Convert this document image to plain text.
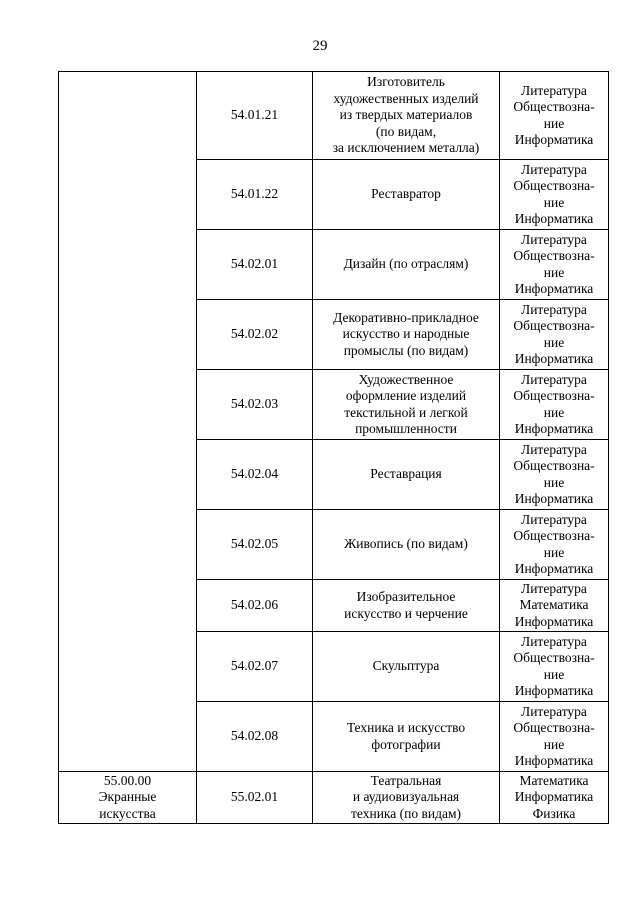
29
	54.01.21	Изготовитель
художественных изделий
из твердых материалов
(по видам,
за исключением металла)	Литература
Обществозна-
ние
Информатика
	54.01.22	Реставратор	Литература
Обществозна-
ние
Информатика
	54.02.01	Дизайн (по отраслям)	Литература
Обществозна-
ние
Информатика
	54.02.02	Декоративно-прикладное
искусство и народные
промыслы (по видам)	Литература
Обществозна-
ние
Информатика
	54.02.03	Художественное
оформление изделий
текстильной и легкой
промышленности	Литература
Обществозна-
ние
Информатика
	54.02.04	Реставрация	Литература
Обществозна-
ние
Информатика
	54.02.05	Живопись (по видам)	Литература
Обществозна-
ние
Информатика
	54.02.06	Изобразительное
искусство и черчение	Литература
Математика
Информатика
	54.02.07	Скульптура	Литература
Обществозна-
ние
Информатика
	54.02.08	Техника и искусство
фотографии	Литература
Обществозна-
ние
Информатика
55.00.00
Экранные
искусства	55.02.01	Театральная
и аудиовизуальная
техника (по видам)	Математика
Информатика
Физика
